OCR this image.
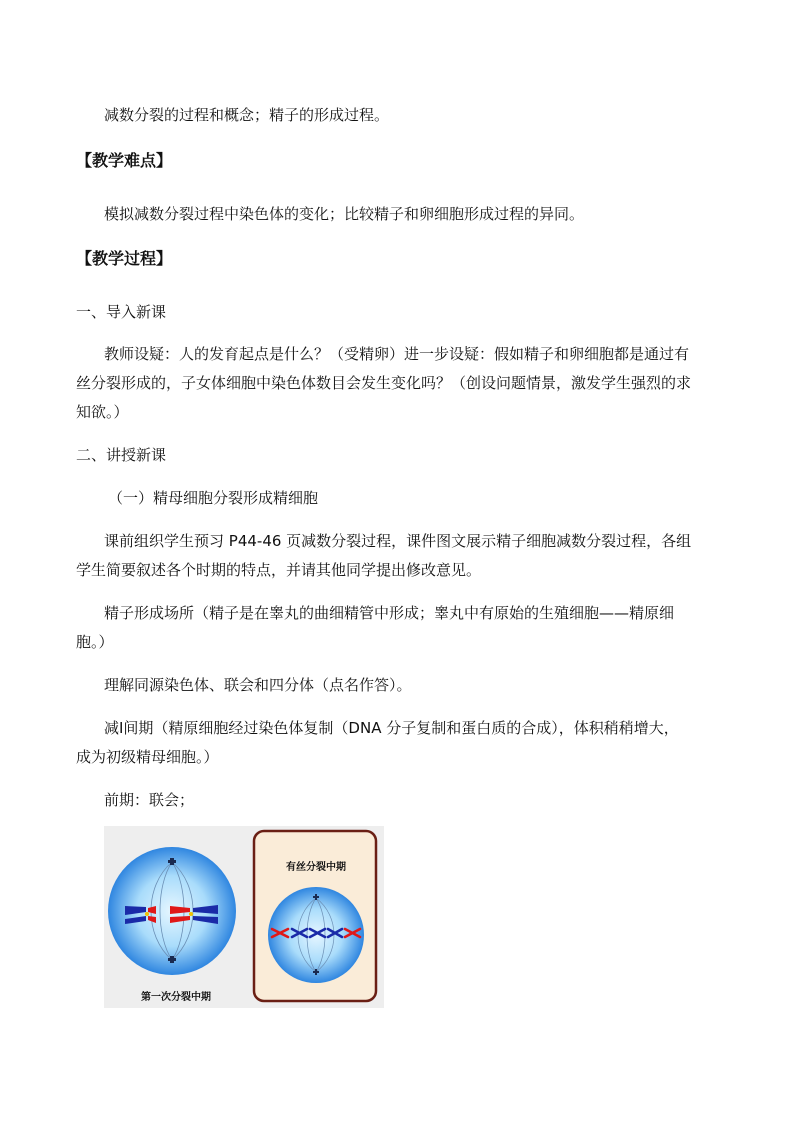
减数分裂的过程和概念；精子的形成过程。
【教学难点】
模拟减数分裂过程中染色体的变化；比较精子和卵细胞形成过程的异同。
【教学过程】
一、导入新课
教师设疑：人的发育起点是什么？（受精卵）进一步设疑：假如精子和卵细胞都是通过有
丝分裂形成的，子女体细胞中染色体数目会发生变化吗？（创设问题情景，激发学生强烈的求
知欲。）
二、讲授新课
（一）精母细胞分裂形成精细胞
课前组织学生预习 P44-46 页减数分裂过程，课件图文展示精子细胞减数分裂过程，各组
学生简要叙述各个时期的特点，并请其他同学提出修改意见。
精子形成场所（精子是在睾丸的曲细精管中形成；睾丸中有原始的生殖细胞——精原细
胞。）
理解同源染色体、联会和四分体（点名作答）。
减Ⅰ间期（精原细胞经过染色体复制（DNA 分子复制和蛋白质的合成），体积稍稍增大，
成为初级精母细胞。）
前期：联会；
第一次分裂中期
有丝分裂中期
